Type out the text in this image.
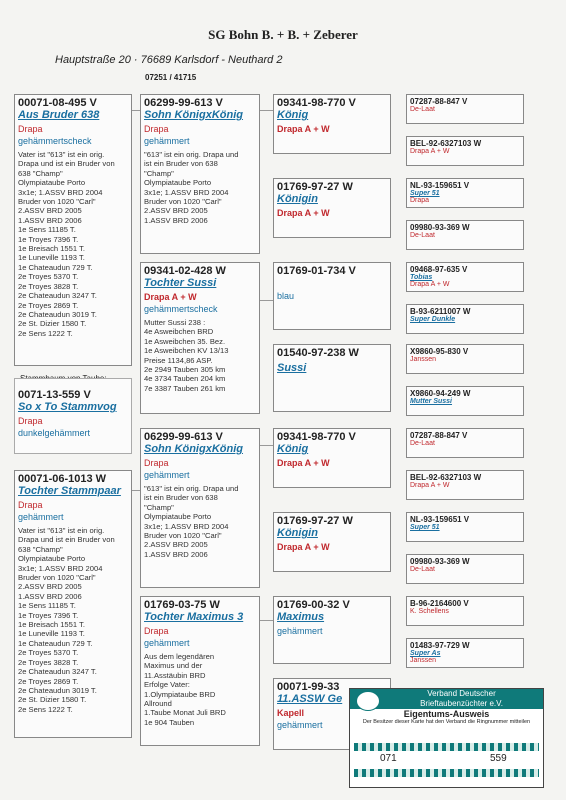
SG Bohn B. + B. + Zeberer
Hauptstraße 20 · 76689 Karlsdorf - Neuthard 2
07251 / 41715
00071-08-495 V
Aus Bruder 638
Drapa
gehämmertscheck
Vater ist "613" ist ein orig.
Drapa und ist ein Bruder von
638 "Champ"
Olympiataube Porto
3x1e; 1.ASSV BRD 2004
Bruder von 1020 "Carl"
2.ASSV BRD 2005
1.ASSV BRD 2006
1e Sens 11185 T.
1e Troyes 7396 T.
1e Breisach 1551 T.
1e Luneville 1193 T.
1e Chateaudun 729 T.
2e Troyes 5370 T.
2e Troyes 3828 T.
2e Chateaudun 3247 T.
2e Troyes 2869 T.
2e Chateaudun 3019 T.
2e St. Dizier 1580 T.
2e Sens 1222 T.
0071-13-559 V
So x To Stammvog
Drapa
dunkelgehämmert
00071-06-1013 W
Tochter Stammpaar
Drapa
gehämmert
Vater ist "613" ist ein orig.
Drapa und ist ein Bruder von
638 "Champ"
Olympiataube Porto
3x1e; 1.ASSV BRD 2004
Bruder von 1020 "Carl"
2.ASSV BRD 2005
1.ASSV BRD 2006
1e Sens 11185 T.
1e Troyes 7396 T.
1e Breisach 1551 T.
1e Luneville 1193 T.
1e Chateaudun 729 T.
2e Troyes 5370 T.
2e Troyes 3828 T.
2e Chateaudun 3247 T.
2e Troyes 2869 T.
2e Chateaudun 3019 T.
2e St. Dizier 1580 T.
2e Sens 1222 T.
06299-99-613 V
Sohn KönigxKönig
Drapa
gehämmert
"613" ist ein orig. Drapa und
ist ein Bruder von 638
"Champ"
Olympiataube Porto
3x1e; 1.ASSV BRD 2004
Bruder von 1020 "Carl"
2.ASSV BRD 2005
1.ASSV BRD 2006
09341-02-428 W
Tochter Sussi
Drapa A + W
gehämmertscheck
Mutter Sussi 238 :
4e Asweibchen BRD
1e Asweibchen 35. Bez.
1e Asweibchen KV 13/13
Preise 1134,86 ASP.
2e 2949 Tauben 305 km
4e 3734 Tauben 204 km
7e 3387 Tauben 261 km
06299-99-613 V
Sohn KönigxKönig
Drapa
gehämmert
"613" ist ein orig. Drapa und
ist ein Bruder von 638
"Champ"
Olympiataube Porto
3x1e; 1.ASSV BRD 2004
Bruder von 1020 "Carl"
2.ASSV BRD 2005
1.ASSV BRD 2006
01769-03-75 W
Tochter Maximus 3
Drapa
gehämmert
Aus dem legendären
Maximus und der
11.Asstäubin BRD
Erfolge Vater:
1.Olympiataube BRD
Allround
1.Taube Monat Juli BRD
1e 904 Tauben
09341-98-770 V
König
Drapa A + W
01769-97-27 W
Königin
Drapa A + W
01769-01-734 V
blau
01540-97-238 W
Sussi
09341-98-770 V
König
Drapa A + W
01769-97-27 W
Königin
Drapa A + W
01769-00-32 V
Maximus
gehämmert
00071-99-33
11.ASSW Ge
Kapell
gehämmert
07287-88-847 V
De-Laat
BEL-92-6327103 W
Drapa A + W
NL-93-159651 V
Super 51
Drapa
09980-93-369 W
De-Laat
09468-97-635 V
Tobias
Drapa A + W
B-93-6211007 W
Super Dunkle
X9860-95-830 V
Janssen
X9860-94-249 W
Mutter Sussi
07287-88-847 V
De-Laat
BEL-92-6327103 W
Drapa A + W
NL-93-159651 V
Super 51
09980-93-369 W
De-Laat
B-96-2164600 V
K. Schellens
01483-97-729 W
Super As
Janssen
Verband Deutscher
Brieftaubenzüchter e.V.
Eigentums-Ausweis
Der Besitzer dieser Karte hat den Verband die Ringnummer mitteilen
071	559
